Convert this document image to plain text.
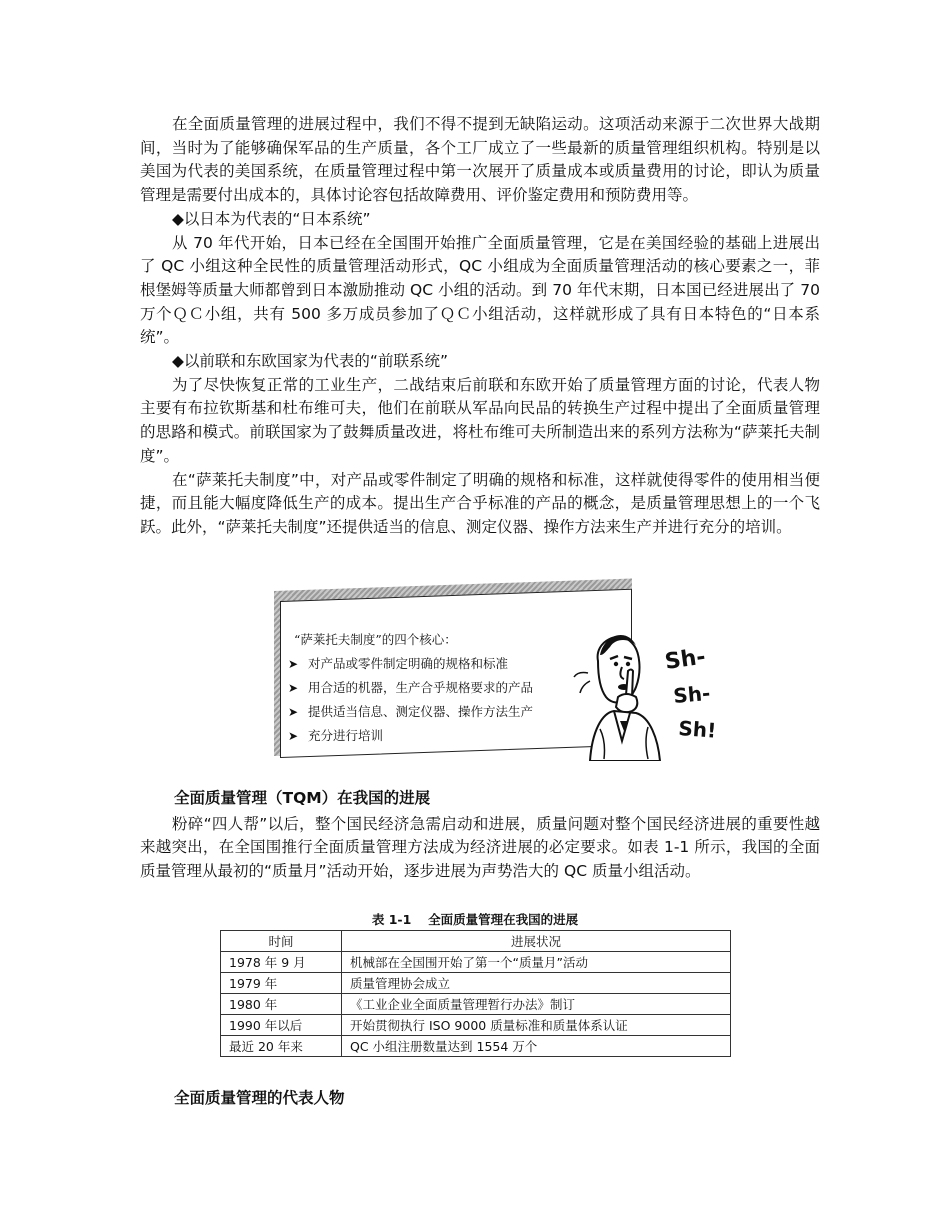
在全面质量管理的进展过程中，我们不得不提到无缺陷运动。这项活动来源于二次世界大战期间，当时为了能够确保军品的生产质量，各个工厂成立了一些最新的质量管理组织机构。特别是以美国为代表的美国系统，在质量管理过程中第一次展开了质量成本或质量费用的讨论，即认为质量管理是需要付出成本的，具体讨论容包括故障费用、评价鉴定费用和预防费用等。

◆以日本为代表的“日本系统”

从 70 年代开始，日本已经在全国围开始推广全面质量管理，它是在美国经验的基础上进展出了 QC 小组这种全民性的质量管理活动形式，QC 小组成为全面质量管理活动的核心要素之一，菲根堡姆等质量大师都曾到日本激励推动 QC 小组的活动。到 70 年代末期，日本国已经进展出了 70 万个ＱＣ小组，共有 500 多万成员参加了ＱＣ小组活动，这样就形成了具有日本特色的“日本系统”。

◆以前联和东欧国家为代表的“前联系统”

为了尽快恢复正常的工业生产，二战结束后前联和东欧开始了质量管理方面的讨论，代表人物主要有布拉钦斯基和杜布维可夫，他们在前联从军品向民品的转换生产过程中提出了全面质量管理的思路和模式。前联国家为了鼓舞质量改进，将杜布维可夫所制造出来的系列方法称为“萨莱托夫制度”。

在“萨莱托夫制度”中，对产品或零件制定了明确的规格和标准，这样就使得零件的使用相当便捷，而且能大幅度降低生产的成本。提出生产合乎标准的产品的概念，是质量管理思想上的一个飞跃。此外，“萨莱托夫制度”还提供适当的信息、测定仪器、操作方法来生产并进行充分的培训。

“萨莱托夫制度”的四个核心：
➤ 对产品或零件制定明确的规格和标准
➤ 用合适的机器，生产合乎规格要求的产品
➤ 提供适当信息、测定仪器、操作方法生产
➤ 充分进行培训
Sh-
Sh-
Sh!
全面质量管理（TQM）在我国的进展

粉碎“四人帮”以后，整个国民经济急需启动和进展，质量问题对整个国民经济进展的重要性越来越突出，在全国围推行全面质量管理方法成为经济进展的必定要求。如表 1-1 所示，我国的全面质量管理从最初的“质量月”活动开始，逐步进展为声势浩大的 QC 质量小组活动。

表 1-1　 全面质量管理在我国的进展
时间	进展状况
1978 年 9 月	机械部在全国围开始了第一个“质量月”活动
1979 年	质量管理协会成立
1980 年	《工业企业全面质量管理暂行办法》制订
1990 年以后	开始贯彻执行 ISO 9000 质量标准和质量体系认证
最近 20 年来	QC 小组注册数量达到 1554 万个
全面质量管理的代表人物
